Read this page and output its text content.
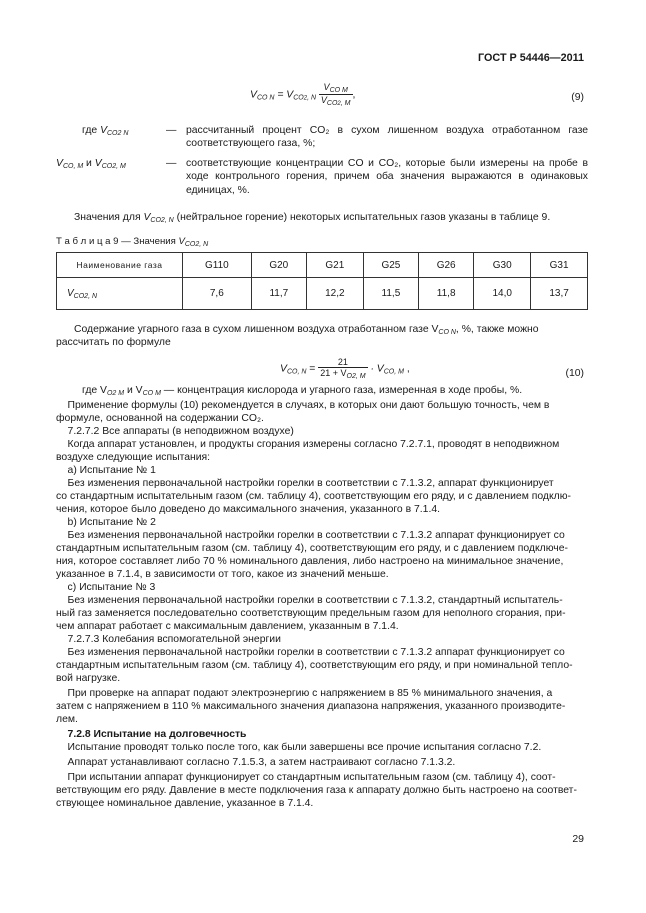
ГОСТ Р 54446—2011
$V_{CO N} = V_{CO2, N} \frac{V_{CO M}}{V_{CO2, M}}$ ,	(9)
где $V_{CO2 N}$	— рассчитанный процент CO₂ в сухом лишенном воздуха отработанном газе соответствующего газа, %;
$V_{CO, M}$ и $V_{CO2, M}$	— соответствующие концентрации CO и CO₂, которые были измерены на пробе в ходе контрольного горения, причем оба значения выражаются в одинаковых единицах, %.
Значения для $V_{CO2, N}$ (нейтральное горение) некоторых испытательных газов указаны в таблице 9.
Т а б л и ц а 9 — Значения $V_{CO2, N}$
Наименование газа	G110	G20	G21	G25	G26	G30	G31
$V_{CO2, N}$	7,6	11,7	12,2	11,5	11,8	14,0	13,7
Содержание угарного газа в сухом лишенном воздуха отработанном газе $V_{CO N}$, %, также можно
рассчитать по формуле
$V_{CO, N} = \frac{21}{21 + V_{O2, M}} \cdot V_{CO, M}$ ,	(10)
где $V_{O2 M}$ и $V_{CO M}$ — концентрация кислорода и угарного газа, измеренная в ходе пробы, %.
Применение формулы (10) рекомендуется в случаях, в которых они дают большую точность, чем в
формуле, основанной на содержании CO₂.
7.2.7.2 Все аппараты (в неподвижном воздухе)
Когда аппарат установлен, и продукты сгорания измерены согласно 7.2.7.1, проводят в неподвижном
воздухе следующие испытания:
a) Испытание № 1
Без изменения первоначальной настройки горелки в соответствии с 7.1.3.2, аппарат функционирует
со стандартным испытательным газом (см. таблицу 4), соответствующим его ряду, и с давлением подклю-
чения, которое было доведено до максимального значения, указанного в 7.1.4.
b) Испытание № 2
Без изменения первоначальной настройки горелки в соответствии с 7.1.3.2 аппарат функционирует со
стандартным испытательным газом (см. таблицу 4), соответствующим его ряду, и с давлением подключе-
ния, которое составляет либо 70 % номинального давления, либо настроено на минимальное значение,
указанное в 7.1.4, в зависимости от того, какое из значений меньше.
c) Испытание № 3
Без изменения первоначальной настройки горелки в соответствии с 7.1.3.2, стандартный испытатель-
ный газ заменяется последовательно соответствующим предельным газом для неполного сгорания, при-
чем аппарат работает с максимальным давлением, указанным в 7.1.4.
7.2.7.3 Колебания вспомогательной энергии
Без изменения первоначальной настройки горелки в соответствии с 7.1.3.2 аппарат функционирует со
стандартным испытательным газом (см. таблицу 4), соответствующим его ряду, и при номинальной тепло-
вой нагрузке.
При проверке на аппарат подают электроэнергию с напряжением в 85 % минимального значения, а
затем с напряжением в 110 % максимального значения диапазона напряжения, указанного производите-
лем.
7.2.8 Испытание на долговечность
Испытание проводят только после того, как были завершены все прочие испытания согласно 7.2.
Аппарат устанавливают согласно 7.1.5.3, а затем настраивают согласно 7.1.3.2.
При испытании аппарат функционирует со стандартным испытательным газом (см. таблицу 4), соот-
ветствующим его ряду. Давление в месте подключения газа к аппарату должно быть настроено на соответ-
ствующее номинальное давление, указанное в 7.1.4.
29
